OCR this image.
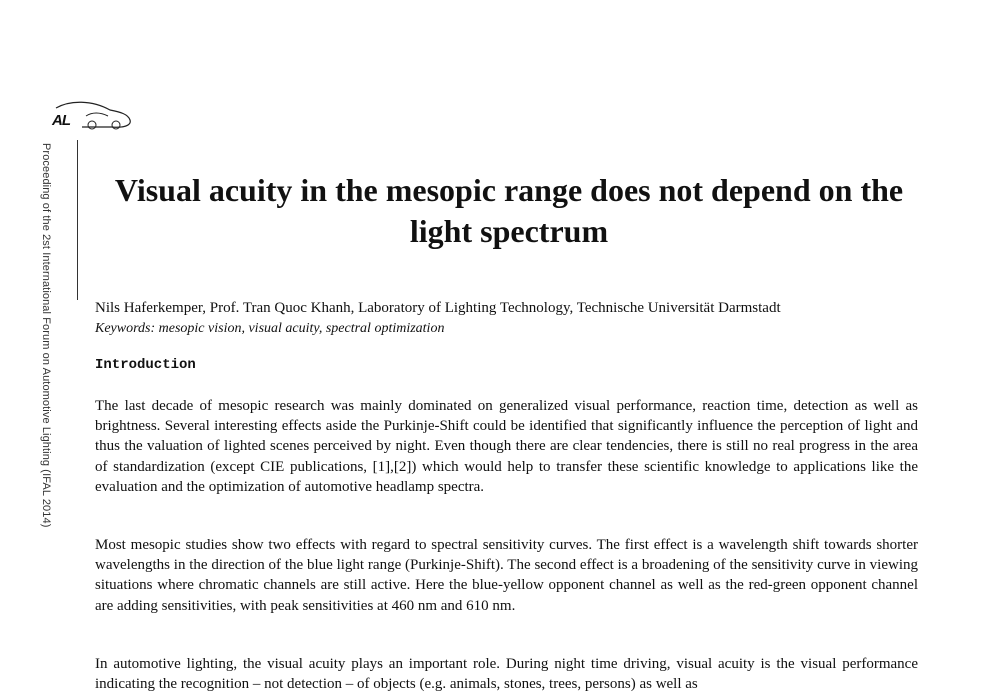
AL
Proceeding of the 2st International Forum on Automotive Lighting (IFAL 2014)	Visual acuity in the mesopic range does not depend on the light spectrum
Nils Haferkemper, Prof. Tran Quoc Khanh, Laboratory of Lighting Technology, Technische Universität Darmstadt
Keywords: mesopic vision, visual acuity, spectral optimization
Introduction

The last decade of mesopic research was mainly dominated on generalized visual performance, reaction time, detection as well as brightness. Several interesting effects aside the Purkinje-Shift could be identified that significantly influence the perception of light and thus the valuation of lighted scenes perceived by night. Even though there are clear tendencies, there is still no real progress in the area of standardization (except CIE publications, [1],[2]) which would help to transfer these scientific knowledge to applications like the evaluation and the optimization of automotive headlamp spectra.

Most mesopic studies show two effects with regard to spectral sensitivity curves. The first effect is a wavelength shift towards shorter wavelengths in the direction of the blue light range (Purkinje-Shift). The second effect is a broadening of the sensitivity curve in viewing situations where chromatic channels are still active. Here the blue-yellow opponent channel as well as the red-green opponent channel are adding sensitivities, with peak sensitivities at 460 nm and 610 nm.

In automotive lighting, the visual acuity plays an important role. During night time driving, visual acuity is the visual performance indicating the recognition – not detection – of objects (e.g. animals, stones, trees, persons) as well as
